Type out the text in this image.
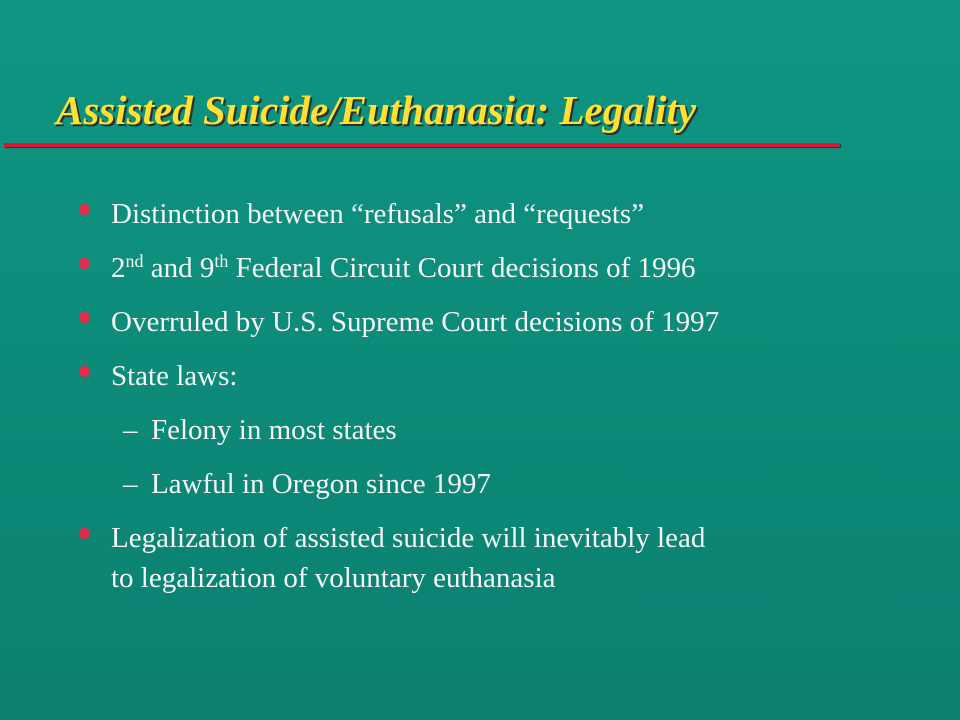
Assisted Suicide/Euthanasia: Legality
Distinction between “refusals” and “requests”
2nd and 9th Federal Circuit Court decisions of 1996
Overruled by U.S. Supreme Court decisions of 1997
State laws:
– Felony in most states
– Lawful in Oregon since 1997
Legalization of assisted suicide will inevitably lead
to legalization of voluntary euthanasia
